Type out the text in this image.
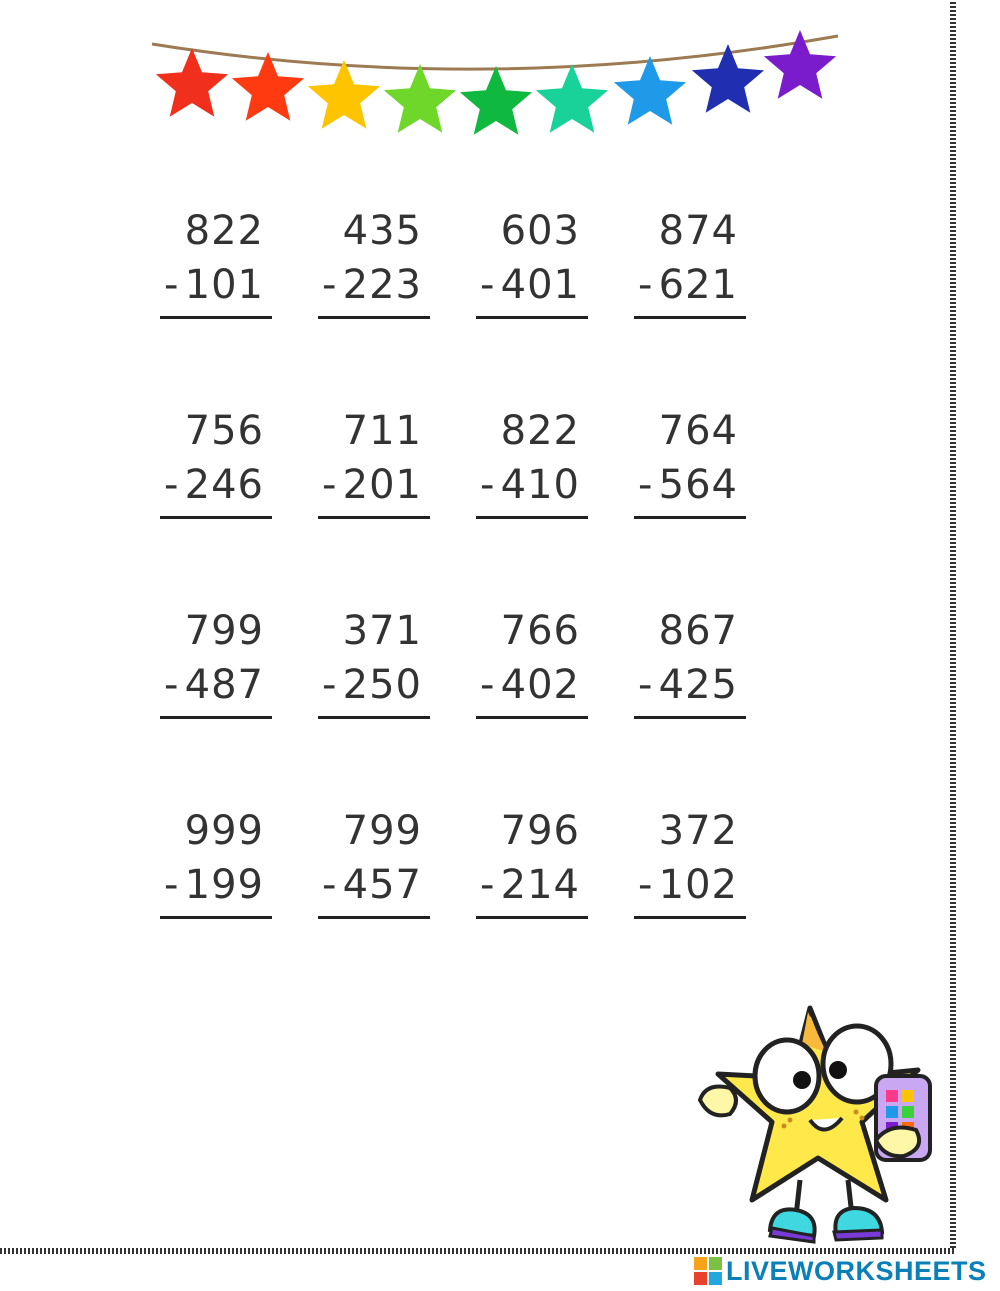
822
- 101
435
- 223
603
- 401
874
- 621
756
- 246
711
- 201
822
- 410
764
- 564
799
- 487
371
- 250
766
- 402
867
- 425
999
- 199
799
- 457
796
- 214
372
- 102
LIVEWORKSHEETS
